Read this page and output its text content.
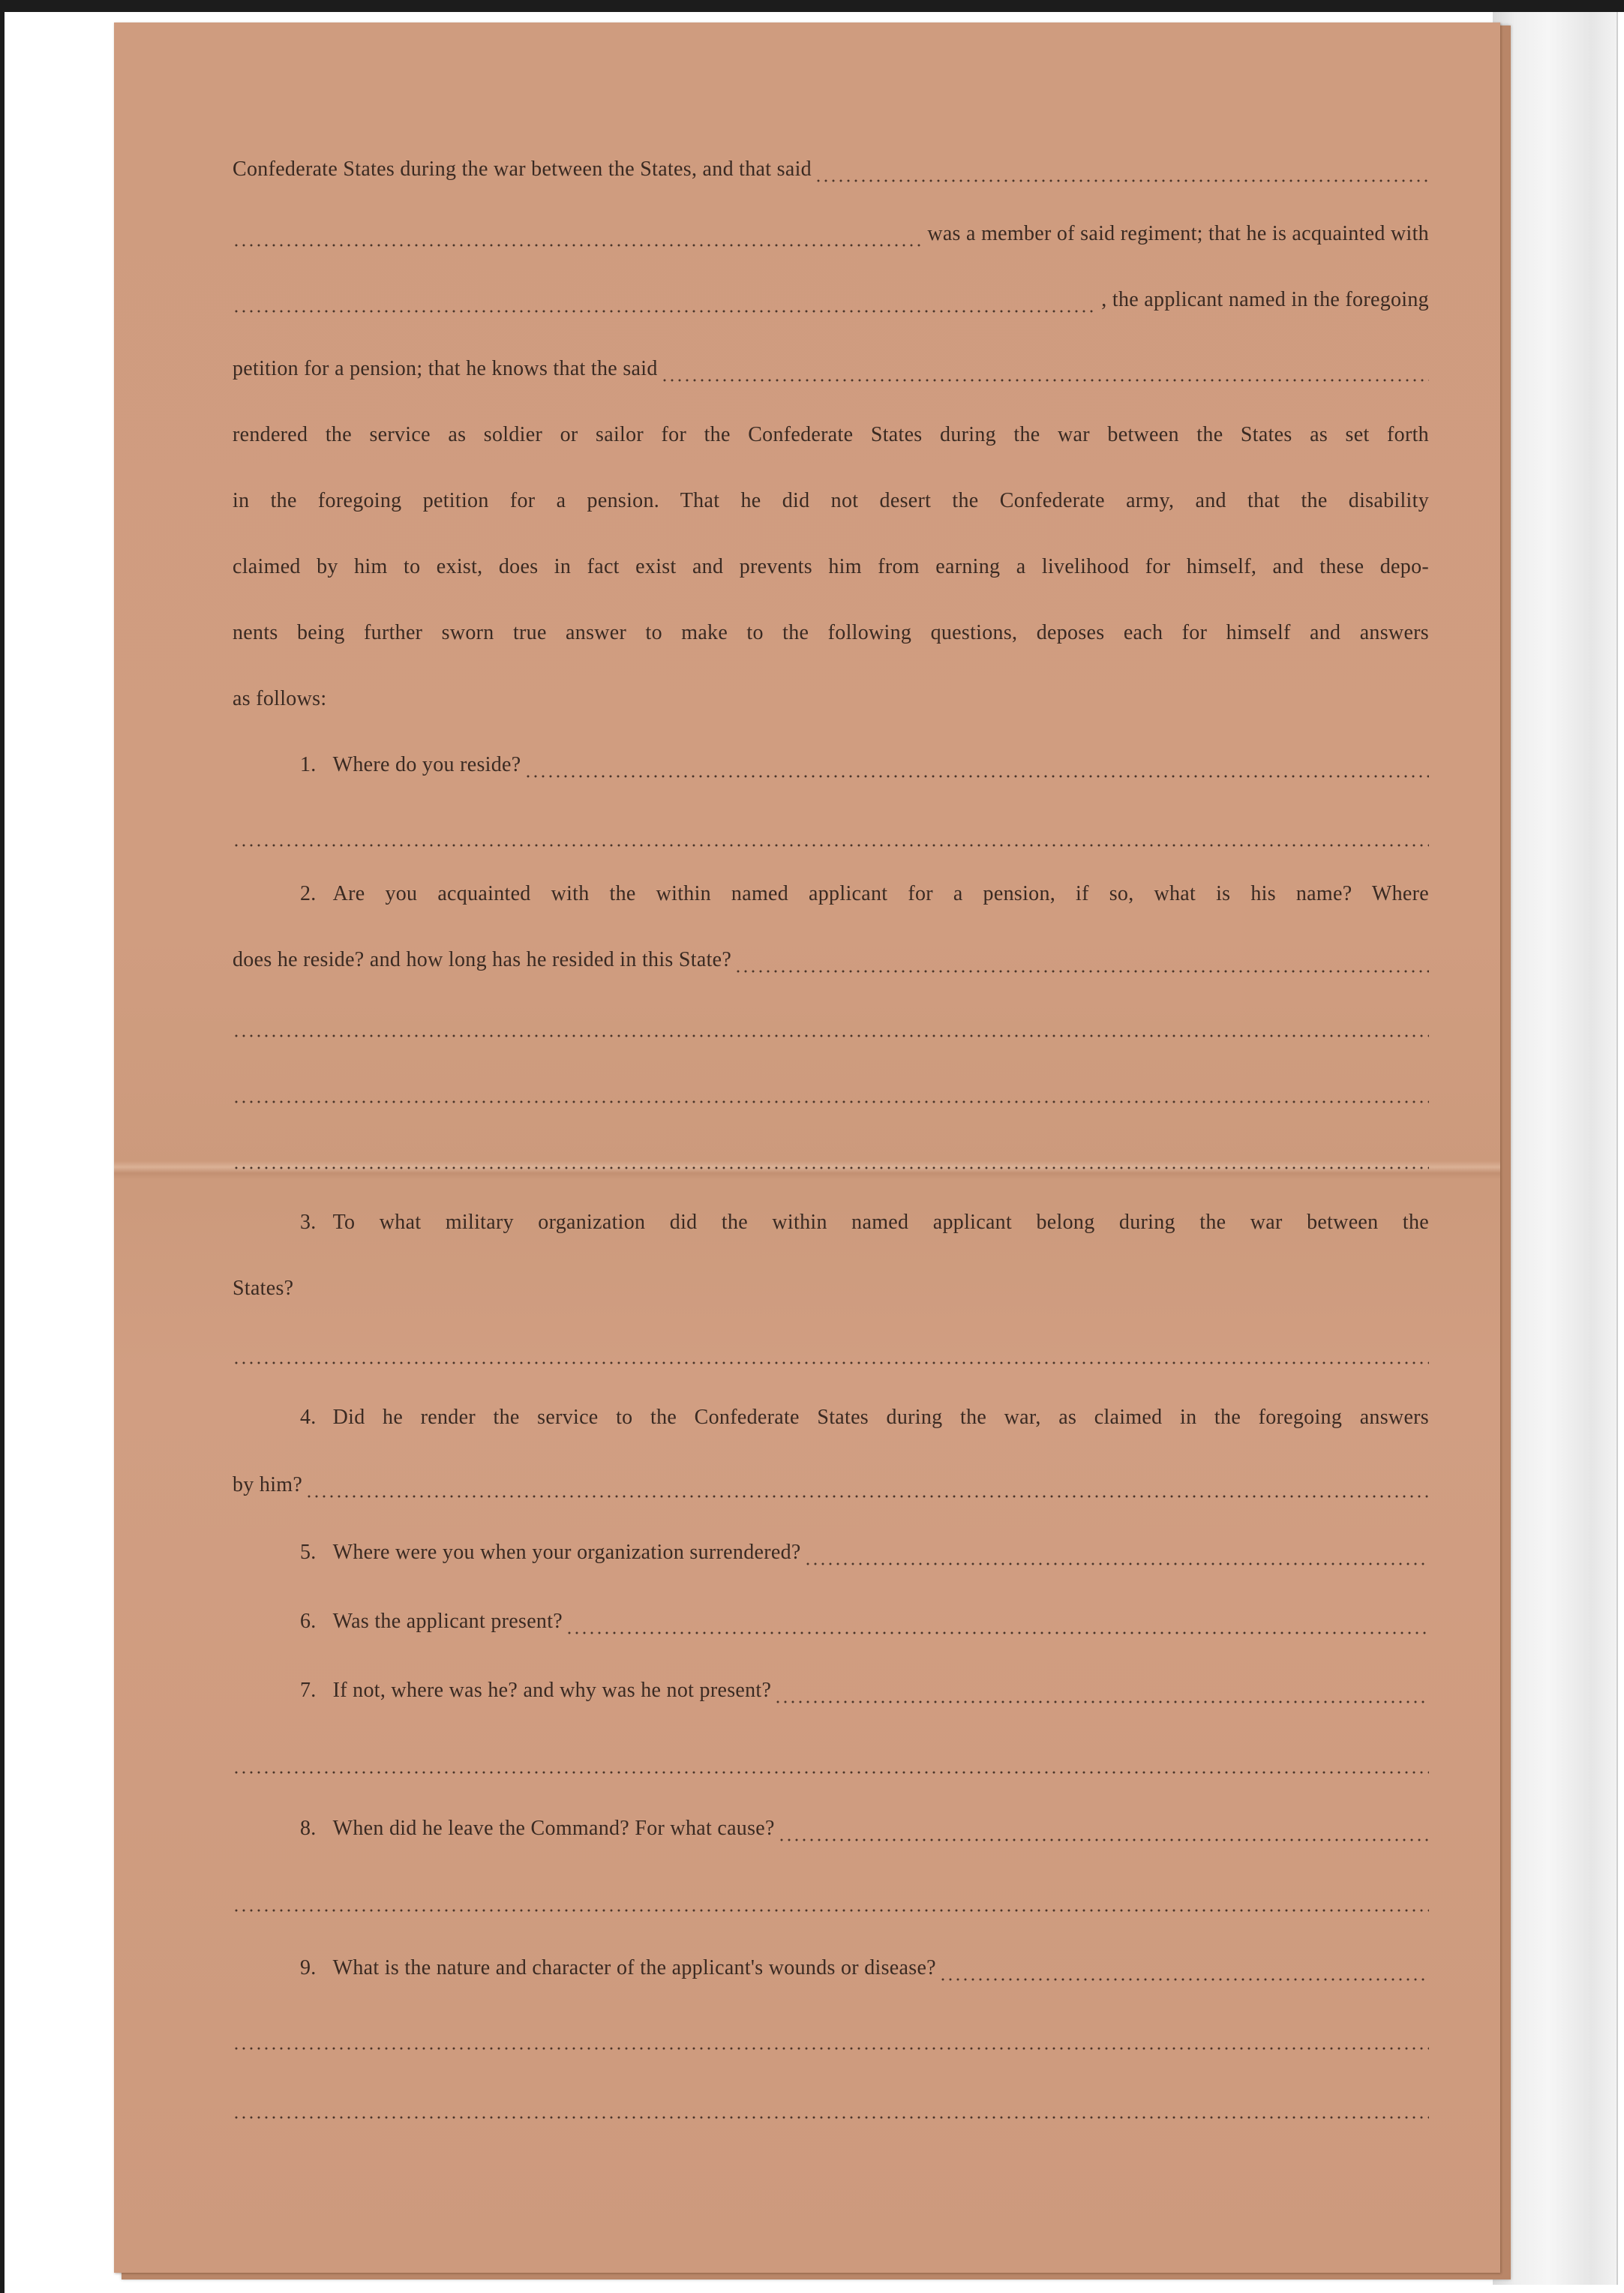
Confederate States during the war between the States, and that said
was a member of said regiment; that he is acquainted with
, the applicant named in the foregoing
petition for a pension; that he knows that the said
rendered the service as soldier or sailor for the Confederate States during the war between the States as set forth
in the foregoing petition for a pension. That he did not desert the Confederate army, and that the disability
claimed by him to exist, does in fact exist and prevents him from earning a livelihood for himself, and these depo-
nents being further sworn true answer to make to the following questions, deposes each for himself and answers
as follows:
1. Where do you reside?
2. Are you acquainted with the within named applicant for a pension, if so, what is his name? Where
does he reside? and how long has he resided in this State?
3. To what military organization did the within named applicant belong during the war between the
States?
4. Did he render the service to the Confederate States during the war, as claimed in the foregoing answers
by him?
5. Where were you when your organization surrendered?
6. Was the applicant present?
7. If not, where was he? and why was he not present?
8. When did he leave the Command? For what cause?
9. What is the nature and character of the applicant's wounds or disease?
